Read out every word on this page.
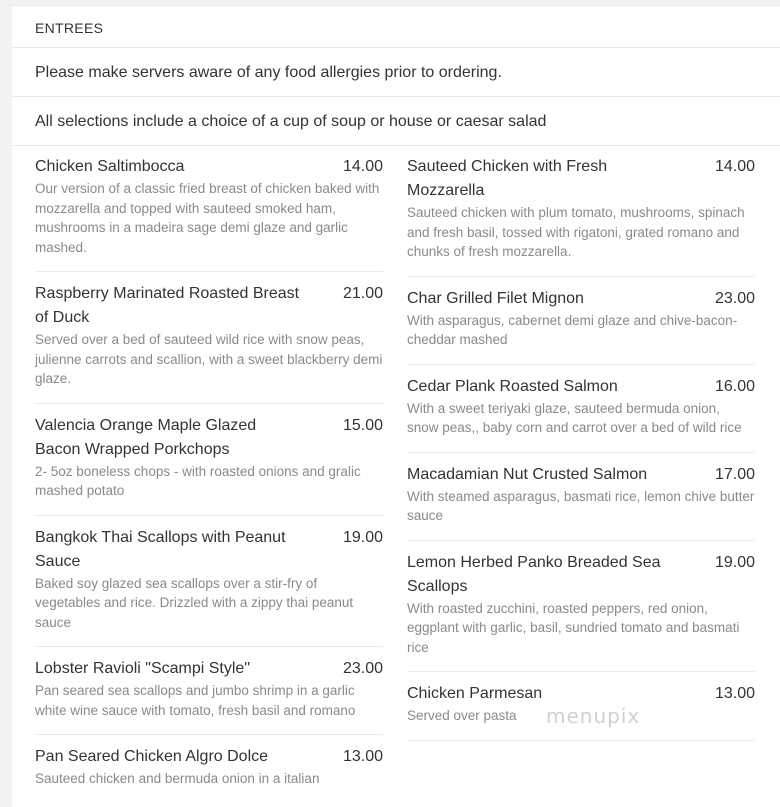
ENTREES
Please make servers aware of any food allergies prior to ordering.
All selections include a choice of a cup of soup or house or caesar salad
Chicken Saltimbocca	14.00
Our version of a classic fried breast of chicken baked with mozzarella and topped with sauteed smoked ham, mushrooms in a madeira sage demi glaze and garlic mashed.
Raspberry Marinated Roasted Breast of Duck
21.00
Served over a bed of sauteed wild rice with snow peas, julienne carrots and scallion, with a sweet blackberry demi glaze.
Valencia Orange Maple Glazed Bacon Wrapped Porkchops
15.00
2- 5oz boneless chops - with roasted onions and gralic mashed potato
Bangkok Thai Scallops with Peanut Sauce
19.00
Baked soy glazed sea scallops over a stir-fry of vegetables and rice. Drizzled with a zippy thai peanut sauce
Lobster Ravioli "Scampi Style"	23.00
Pan seared sea scallops and jumbo shrimp in a garlic white wine sauce with tomato, fresh basil and romano
Pan Seared Chicken Algro Dolce	13.00
Sauteed chicken and bermuda onion in a italian
Sauteed Chicken with Fresh Mozzarella
14.00
Sauteed chicken with plum tomato, mushrooms, spinach and fresh basil, tossed with rigatoni, grated romano and chunks of fresh mozzarella.
Char Grilled Filet Mignon	23.00
With asparagus, cabernet demi glaze and chive-bacon-cheddar mashed
Cedar Plank Roasted Salmon	16.00
With a sweet teriyaki glaze, sauteed bermuda onion, snow peas,, baby corn and carrot over a bed of wild rice
Macadamian Nut Crusted Salmon	17.00
With steamed asparagus, basmati rice, lemon chive butter sauce
Lemon Herbed Panko Breaded Sea Scallops
19.00
With roasted zucchini, roasted peppers, red onion, eggplant with garlic, basil, sundried tomato and basmati rice
Chicken Parmesan	13.00
Served over pasta	menupix
